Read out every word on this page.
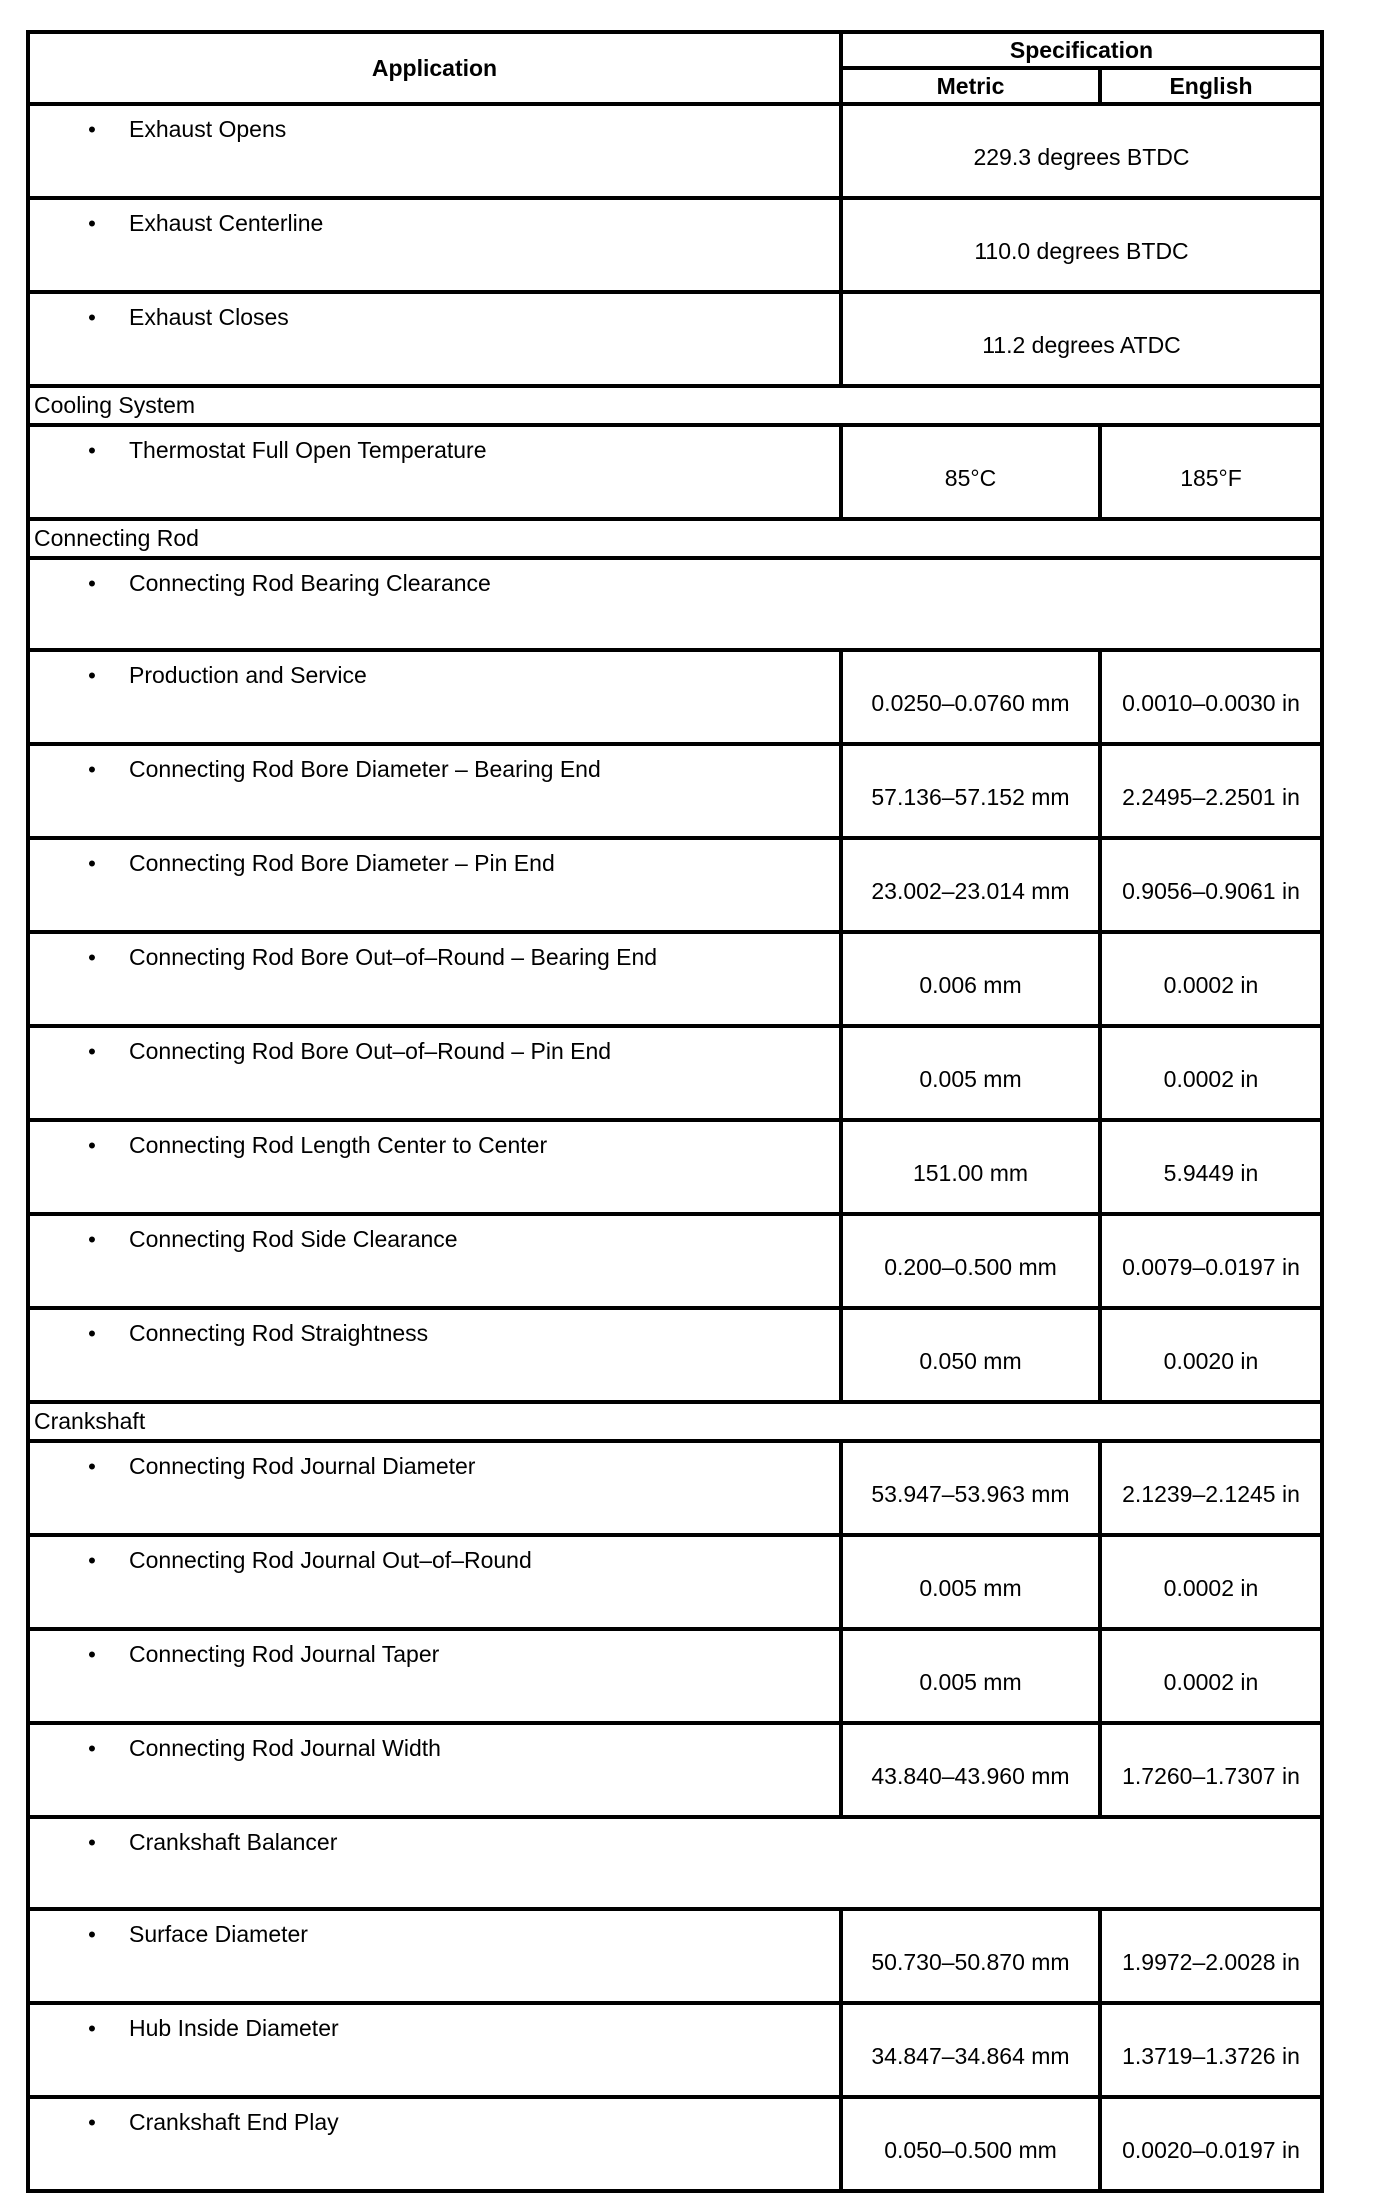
Application	Specification	
	Metric	English
• Exhaust Opens	229.3 degrees BTDC	
• Exhaust Centerline	110.0 degrees BTDC	
• Exhaust Closes	11.2 degrees ATDC	
Cooling System		
• Thermostat Full Open Temperature	85°C	185°F
Connecting Rod		
• Connecting Rod Bearing Clearance		
• Production and Service	0.0250–0.0760 mm	0.0010–0.0030 in
• Connecting Rod Bore Diameter – Bearing End	57.136–57.152 mm	2.2495–2.2501 in
• Connecting Rod Bore Diameter – Pin End	23.002–23.014 mm	0.9056–0.9061 in
• Connecting Rod Bore Out–of–Round – Bearing End	0.006 mm	0.0002 in
• Connecting Rod Bore Out–of–Round – Pin End	0.005 mm	0.0002 in
• Connecting Rod Length Center to Center	151.00 mm	5.9449 in
• Connecting Rod Side Clearance	0.200–0.500 mm	0.0079–0.0197 in
• Connecting Rod Straightness	0.050 mm	0.0020 in
Crankshaft		
• Connecting Rod Journal Diameter	53.947–53.963 mm	2.1239–2.1245 in
• Connecting Rod Journal Out–of–Round	0.005 mm	0.0002 in
• Connecting Rod Journal Taper	0.005 mm	0.0002 in
• Connecting Rod Journal Width	43.840–43.960 mm	1.7260–1.7307 in
• Crankshaft Balancer		
• Surface Diameter	50.730–50.870 mm	1.9972–2.0028 in
• Hub Inside Diameter	34.847–34.864 mm	1.3719–1.3726 in
• Crankshaft End Play	0.050–0.500 mm	0.0020–0.0197 in
